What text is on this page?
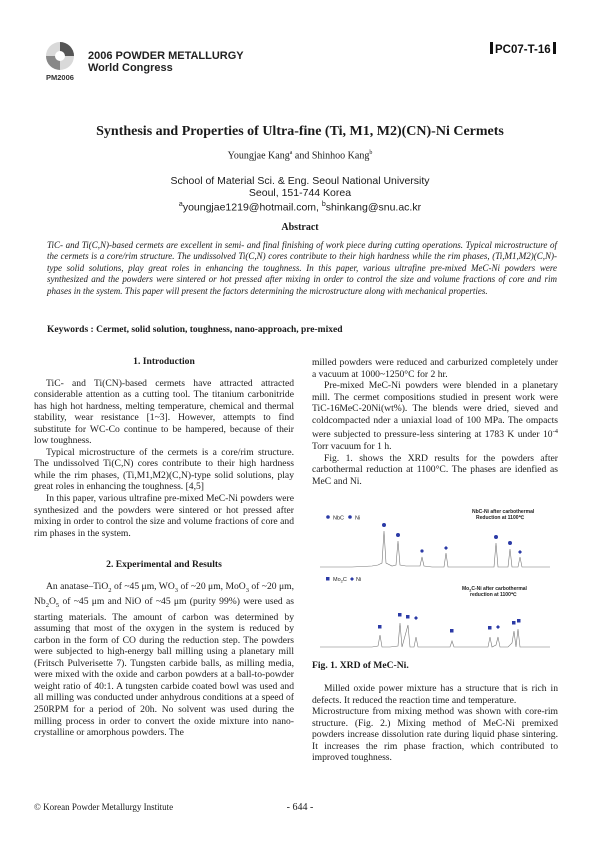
2006 POWDER METALLURGY
World Congress
PM2006
PC07-T-16
Synthesis and Properties of Ultra-fine (Ti, M1, M2)(CN)-Ni Cermets
Youngjae Kang$^a$ and Shinhoo Kang$^b$
School of Material Sci. & Eng. Seoul National University
Seoul, 151-744 Korea
$^a$youngjae1219@hotmail.com, $^b$shinkang@snu.ac.kr
Abstract
TiC- and Ti(C,N)-based cermets are excellent in semi- and final finishing of work piece during cutting operations. Typical microstructure of the cermets is a core/rim structure. The undissolved Ti(C,N) cores contribute to their high hardness while the rim phases, (Ti,M1,M2)(C,N)-type solid solutions, play great roles in enhancing the toughness. In this paper, various ultrafine pre-mixed MeC-Ni powders were synthesized and the powders were sintered or hot pressed after mixing in order to control the size and volume fractions of core and rim phases in the system. This paper will present the factors determining the microstructure along with mechanical properties.
Keywords : Cermet, solid solution, toughness, nano-approach, pre-mixed
1. Introduction

TiC- and Ti(CN)-based cermets have attracted attracted considerable attention as a cutting tool. The titanium carbonitride has high hot hardness, melting temperature, chemical and thermal stability, wear resistance [1~3]. However, attempts to find substitute for WC-Co continue to be hampered, because of their low toughness.

Typical microstructure of the cermets is a core/rim structure. The undissolved Ti(C,N) cores contribute to their high hardness while the rim phases, (Ti,M1,M2)(C,N)-type solid solutions, play great roles in enhancing the toughness. [4,5]

In this paper, various ultrafine pre-mixed MeC-Ni powders were synthesized and the powders were sintered or hot pressed after mixing in order to control the size and volume fractions of core and rim phases in the system.

2. Experimental and Results

An anatase–TiO$_2$ of ~45 μm, $WO_3$ of ~20 μm, MoO$_3$ of ~20 μm, $Nb_2O_5$ of ~45 μm and NiO of ~45 μm (purity 99%) were used as starting materials. The amount of carbon was determined by assuming that most of the oxygen in the system is reduced by carbon in the form of CO during the reduction step. The powders were subjected to high-energy ball milling using a planetary mill (Fritsch Pulverisette 7). Tungsten carbide balls, as milling media, were mixed with the oxide and carbon powders at a ball-to-powder weight ratio of 40:1. A tungsten carbide coated bowl was used and all milling was conducted under anhydrous conditions at a speed of 250RPM for a period of 20h. No solvent was used during the milling process in order to convert the oxide mixture into nano-crystalline or amorphous powders. The

milled powders were reduced and carburized completely under a vacuum at 1000~1250°C for 2 hr.

Pre-mixed MeC-Ni powders were blended in a planetary mill. The cermet compositions studied in present work were TiC-16MeC-20Ni(wt%). The blends were dried, sieved and coldcompacted nder a uniaxial load of 100 MPa. The ompacts were subjected to pressure-less sintering at 1783 K under $10^{-4}$ Torr vacuum for 1 h.

Fig. 1. shows the XRD results for the powders after carbothermal reduction at 1100°C. The phases are idenfied as MeC and Ni.

NbC Ni
NbC-Ni after carbothermal
Reduction at 1100℃
$Mo_2C$ Ni
$Mo_2C-Ni$ after carbothermal
reduction at 1100℃
Fig. 1. XRD of MeC-Ni.

Milled oxide power mixture has a structure that is rich in defects. It reduced the reaction time and temperature.

Microstructure from mixing method was shown with core-rim structure. (Fig. 2.) Mixing method of MeC-Ni premixed powders increase dissolution rate during liquid phase sintering. It increases the rim phase fraction, which contributed to improved toughness.

© Korean Powder Metallurgy Institute	- 644 -
